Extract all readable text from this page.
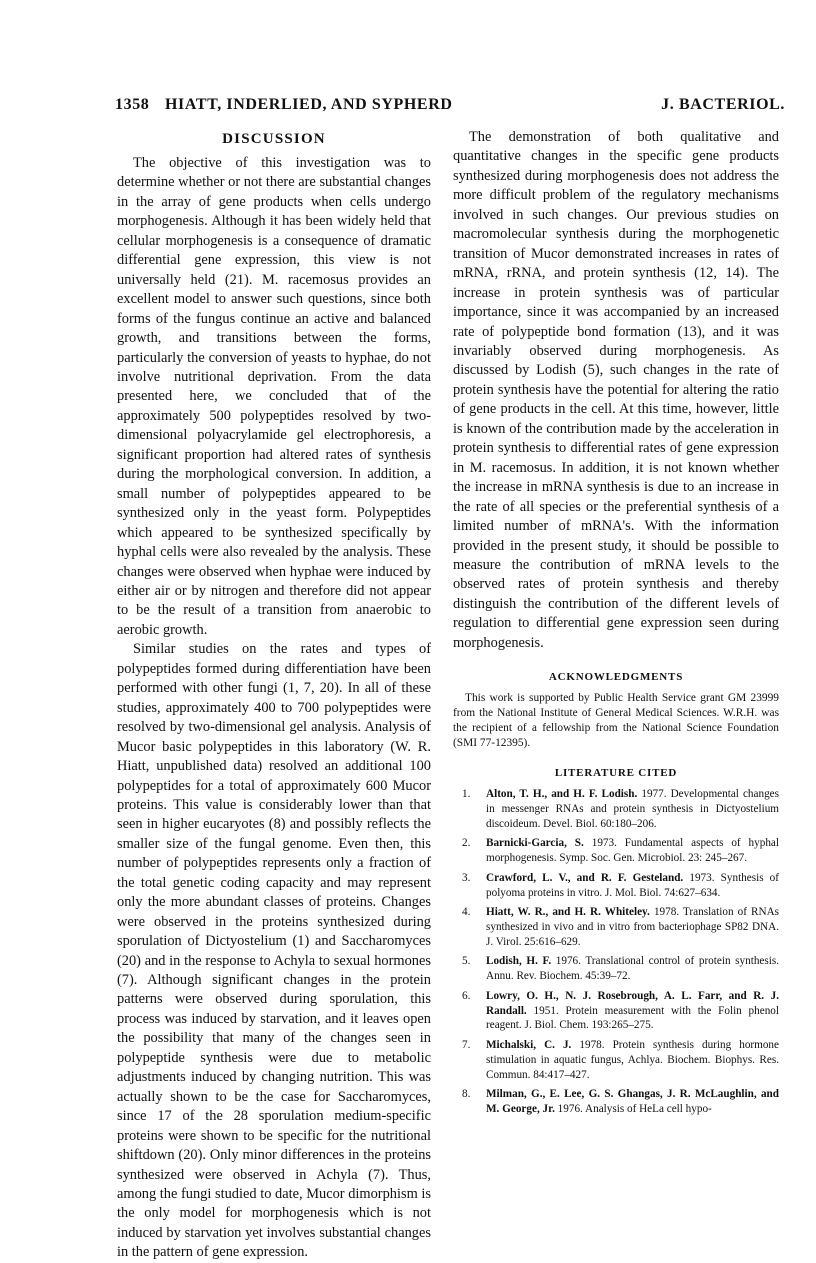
1358 HIATT, INDERLIED, AND SYPHERD	J. BACTERIOL.
DISCUSSION

The objective of this investigation was to determine whether or not there are substantial changes in the array of gene products when cells undergo morphogenesis. Although it has been widely held that cellular morphogenesis is a consequence of dramatic differential gene expression, this view is not universally held (21). M. racemosus provides an excellent model to answer such questions, since both forms of the fungus continue an active and balanced growth, and transitions between the forms, particularly the conversion of yeasts to hyphae, do not involve nutritional deprivation. From the data presented here, we concluded that of the approximately 500 polypeptides resolved by two-dimensional polyacrylamide gel electrophoresis, a significant proportion had altered rates of synthesis during the morphological conversion. In addition, a small number of polypeptides appeared to be synthesized only in the yeast form. Polypeptides which appeared to be synthesized specifically by hyphal cells were also revealed by the analysis. These changes were observed when hyphae were induced by either air or by nitrogen and therefore did not appear to be the result of a transition from anaerobic to aerobic growth.

Similar studies on the rates and types of polypeptides formed during differentiation have been performed with other fungi (1, 7, 20). In all of these studies, approximately 400 to 700 polypeptides were resolved by two-dimensional gel analysis. Analysis of Mucor basic polypeptides in this laboratory (W. R. Hiatt, unpublished data) resolved an additional 100 polypeptides for a total of approximately 600 Mucor proteins. This value is considerably lower than that seen in higher eucaryotes (8) and possibly reflects the smaller size of the fungal genome. Even then, this number of polypeptides represents only a fraction of the total genetic coding capacity and may represent only the more abundant classes of proteins. Changes were observed in the proteins synthesized during sporulation of Dictyostelium (1) and Saccharomyces (20) and in the response to Achyla to sexual hormones (7). Although significant changes in the protein patterns were observed during sporulation, this process was induced by starvation, and it leaves open the possibility that many of the changes seen in polypeptide synthesis were due to metabolic adjustments induced by changing nutrition. This was actually shown to be the case for Saccharomyces, since 17 of the 28 sporulation medium-specific proteins were shown to be specific for the nutritional shiftdown (20). Only minor differences in the proteins synthesized were observed in Achyla (7). Thus, among the fungi studied to date, Mucor dimorphism is the only model for morphogenesis which is not induced by starvation yet involves substantial changes in the pattern of gene expression.

The demonstration of both qualitative and quantitative changes in the specific gene products synthesized during morphogenesis does not address the more difficult problem of the regulatory mechanisms involved in such changes. Our previous studies on macromolecular synthesis during the morphogenetic transition of Mucor demonstrated increases in rates of mRNA, rRNA, and protein synthesis (12, 14). The increase in protein synthesis was of particular importance, since it was accompanied by an increased rate of polypeptide bond formation (13), and it was invariably observed during morphogenesis. As discussed by Lodish (5), such changes in the rate of protein synthesis have the potential for altering the ratio of gene products in the cell. At this time, however, little is known of the contribution made by the acceleration in protein synthesis to differential rates of gene expression in M. racemosus. In addition, it is not known whether the increase in mRNA synthesis is due to an increase in the rate of all species or the preferential synthesis of a limited number of mRNA's. With the information provided in the present study, it should be possible to measure the contribution of mRNA levels to the observed rates of protein synthesis and thereby distinguish the contribution of the different levels of regulation to differential gene expression seen during morphogenesis.

ACKNOWLEDGMENTS

This work is supported by Public Health Service grant GM 23999 from the National Institute of General Medical Sciences. W.R.H. was the recipient of a fellowship from the National Science Foundation (SMI 77-12395).

LITERATURE CITED
1. Alton, T. H., and H. F. Lodish. 1977. Developmental changes in messenger RNAs and protein synthesis in Dictyostelium discoideum. Devel. Biol. 60:180–206.
2. Barnicki-Garcia, S. 1973. Fundamental aspects of hyphal morphogenesis. Symp. Soc. Gen. Microbiol. 23: 245–267.
3. Crawford, L. V., and R. F. Gesteland. 1973. Synthesis of polyoma proteins in vitro. J. Mol. Biol. 74:627–634.
4. Hiatt, W. R., and H. R. Whiteley. 1978. Translation of RNAs synthesized in vivo and in vitro from bacteriophage SP82 DNA. J. Virol. 25:616–629.
5. Lodish, H. F. 1976. Translational control of protein synthesis. Annu. Rev. Biochem. 45:39–72.
6. Lowry, O. H., N. J. Rosebrough, A. L. Farr, and R. J. Randall. 1951. Protein measurement with the Folin phenol reagent. J. Biol. Chem. 193:265–275.
7. Michalski, C. J. 1978. Protein synthesis during hormone stimulation in aquatic fungus, Achlya. Biochem. Biophys. Res. Commun. 84:417–427.
8. Milman, G., E. Lee, G. S. Ghangas, J. R. McLaughlin, and M. George, Jr. 1976. Analysis of HeLa cell hypo-
